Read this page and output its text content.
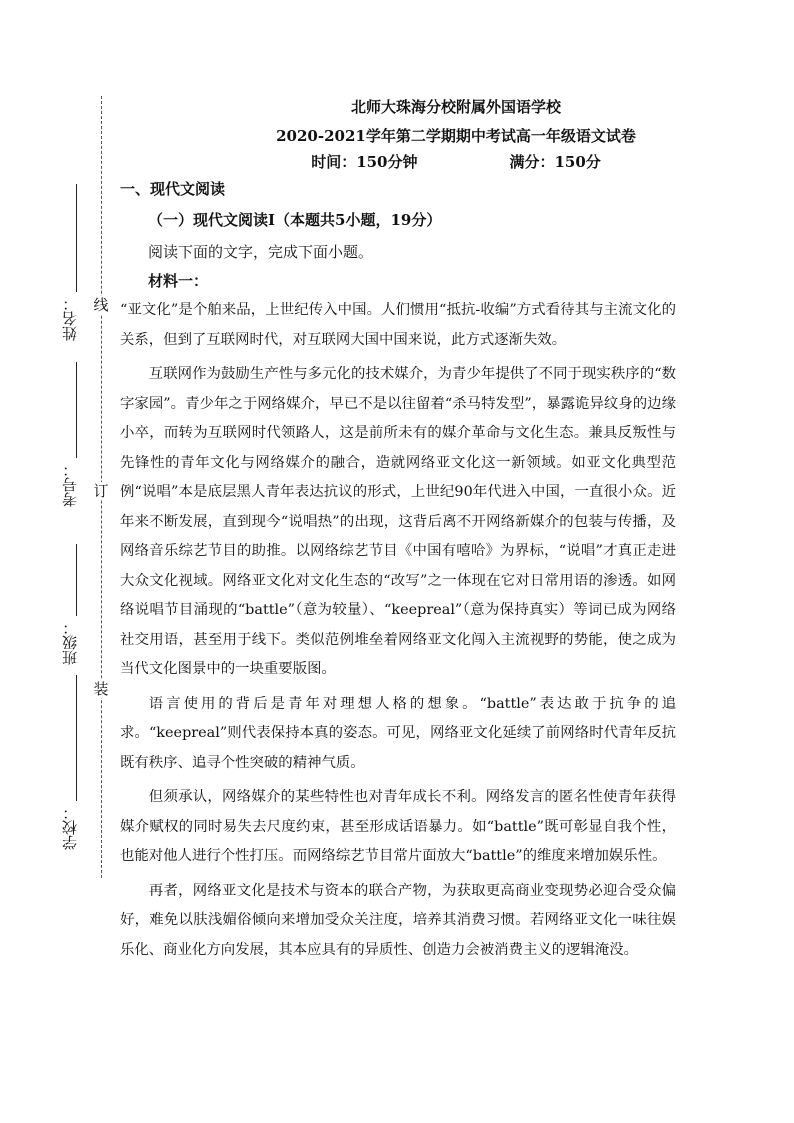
线
订
装
姓名：
考号：
班级：
学校：
北师大珠海分校附属外国语学校
2020-2021学年第二学期期中考试高一年级语文试卷
时间：150分钟	满分：150分
一、现代文阅读
（一）现代文阅读Ⅰ（本题共5小题，19分）
阅读下面的文字，完成下面小题。
材料一：

“亚文化”是个舶来品，上世纪传入中国。人们惯用“抵抗-收编”方式看待其与主流文化的关系，但到了互联网时代，对互联网大国中国来说，此方式逐渐失效。

互联网作为鼓励生产性与多元化的技术媒介，为青少年提供了不同于现实秩序的“数字家园”。青少年之于网络媒介，早已不是以往留着“杀马特发型”，暴露诡异纹身的边缘小卒，而转为互联网时代领路人，这是前所未有的媒介革命与文化生态。兼具反叛性与先锋性的青年文化与网络媒介的融合，造就网络亚文化这一新领域。如亚文化典型范例“说唱”本是底层黑人青年表达抗议的形式，上世纪90年代进入中国，一直很小众。近年来不断发展，直到现今“说唱热”的出现，这背后离不开网络新媒介的包装与传播，及网络音乐综艺节目的助推。以网络综艺节目《中国有嘻哈》为界标，“说唱”才真正走进大众文化视域。网络亚文化对文化生态的“改写”之一体现在它对日常用语的渗透。如网络说唱节目涌现的“battle”（意为较量）、“keepreal”（意为保持真实）等词已成为网络社交用语，甚至用于线下。类似范例堆垒着网络亚文化闯入主流视野的势能，使之成为当代文化图景中的一块重要版图。

语言使用的背后是青年对理想人格的想象。“battle”表达敢于抗争的追求。“keepreal”则代表保持本真的姿态。可见，网络亚文化延续了前网络时代青年反抗既有秩序、追寻个性突破的精神气质。

但须承认，网络媒介的某些特性也对青年成长不利。网络发言的匿名性使青年获得媒介赋权的同时易失去尺度约束，甚至形成话语暴力。如“battle”既可彰显自我个性，也能对他人进行个性打压。而网络综艺节目常片面放大“battle”的维度来增加娱乐性。

再者，网络亚文化是技术与资本的联合产物，为获取更高商业变现势必迎合受众偏好，难免以肤浅媚俗倾向来增加受众关注度，培养其消费习惯。若网络亚文化一味往娱乐化、商业化方向发展，其本应具有的异质性、创造力会被消费主义的逻辑淹没。
